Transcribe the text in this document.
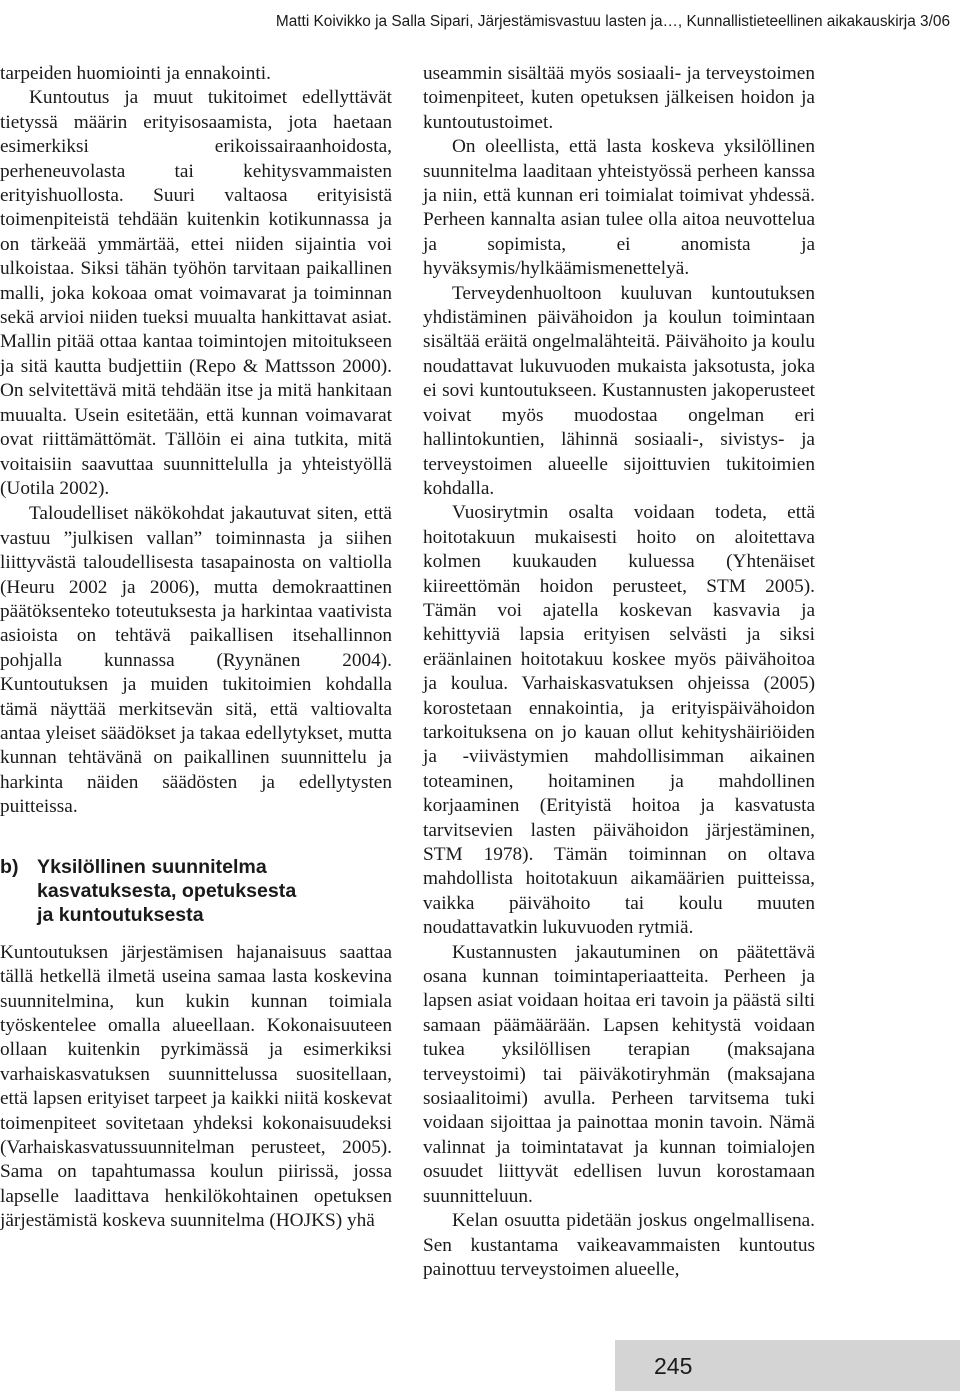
Matti Koivikko ja Salla Sipari, Järjestämisvastuu lasten ja…, Kunnallistieteellinen aikakauskirja 3/06

tarpeiden huomiointi ja ennakointi.

Kuntoutus ja muut tukitoimet edellyttävät tietyssä määrin erityisosaamista, jota haetaan esimerkiksi erikoissairaanhoidosta, perheneuvolasta tai kehitysvammaisten erityishuollosta. Suuri valtaosa erityisistä toimenpiteistä tehdään kuitenkin kotikunnassa ja on tärkeää ymmärtää, ettei niiden sijaintia voi ulkoistaa. Siksi tähän työhön tarvitaan paikallinen malli, joka kokoaa omat voimavarat ja toiminnan sekä arvioi niiden tueksi muualta hankittavat asiat. Mallin pitää ottaa kantaa toimintojen mitoitukseen ja sitä kautta budjettiin (Repo & Mattsson 2000). On selvitettävä mitä tehdään itse ja mitä hankitaan muualta. Usein esitetään, että kunnan voimavarat ovat riittämättömät. Tällöin ei aina tutkita, mitä voitaisiin saavuttaa suunnittelulla ja yhteistyöllä (Uotila 2002).

Taloudelliset näkökohdat jakautuvat siten, että vastuu ”julkisen vallan” toiminnasta ja siihen liittyvästä taloudellisesta tasapainosta on valtiolla (Heuru 2002 ja 2006), mutta demokraattinen päätöksenteko toteutuksesta ja harkintaa vaativista asioista on tehtävä paikallisen itsehallinnon pohjalla kunnassa (Ryynänen 2004). Kuntoutuksen ja muiden tukitoimien kohdalla tämä näyttää merkitsevän sitä, että valtiovalta antaa yleiset säädökset ja takaa edellytykset, mutta kunnan tehtävänä on paikallinen suunnittelu ja harkinta näiden säädösten ja edellytysten puitteissa.

b) Yksilöllinen suunnitelma
kasvatuksesta, opetuksesta
ja kuntoutuksesta

Kuntoutuksen järjestämisen hajanaisuus saattaa tällä hetkellä ilmetä useina samaa lasta koskevina suunnitelmina, kun kukin kunnan toimiala työskentelee omalla alueellaan. Kokonaisuuteen ollaan kuitenkin pyrkimässä ja esimerkiksi varhaiskasvatuksen suunnittelussa suositellaan, että lapsen erityiset tarpeet ja kaikki niitä koskevat toimenpiteet sovitetaan yhdeksi kokonaisuudeksi (Varhaiskasvatussuunnitelman perusteet, 2005). Sama on tapahtumassa koulun piirissä, jossa lapselle laadittava henkilökohtainen opetuksen järjestämistä koskeva suunnitelma (HOJKS) yhä

useammin sisältää myös sosiaali- ja terveystoimen toimenpiteet, kuten opetuksen jälkeisen hoidon ja kuntoutustoimet.

On oleellista, että lasta koskeva yksilöllinen suunnitelma laaditaan yhteistyössä perheen kanssa ja niin, että kunnan eri toimialat toimivat yhdessä. Perheen kannalta asian tulee olla aitoa neuvottelua ja sopimista, ei anomista ja hyväksymis/hylkäämismenettelyä.

Terveydenhuoltoon kuuluvan kuntoutuksen yhdistäminen päivähoidon ja koulun toimintaan sisältää eräitä ongelmalähteitä. Päivähoito ja koulu noudattavat lukuvuoden mukaista jaksotusta, joka ei sovi kuntoutukseen. Kustannusten jakoperusteet voivat myös muodostaa ongelman eri hallintokuntien, lähinnä sosiaali-, sivistys- ja terveystoimen alueelle sijoittuvien tukitoimien kohdalla.

Vuosirytmin osalta voidaan todeta, että hoitotakuun mukaisesti hoito on aloitettava kolmen kuukauden kuluessa (Yhtenäiset kiireettömän hoidon perusteet, STM 2005). Tämän voi ajatella koskevan kasvavia ja kehittyviä lapsia erityisen selvästi ja siksi eräänlainen hoitotakuu koskee myös päivähoitoa ja koulua. Varhaiskasvatuksen ohjeissa (2005) korostetaan ennakointia, ja erityispäivähoidon tarkoituksena on jo kauan ollut kehityshäiriöiden ja -viivästymien mahdollisimman aikainen toteaminen, hoitaminen ja mahdollinen korjaaminen (Erityistä hoitoa ja kasvatusta tarvitsevien lasten päivähoidon järjestäminen, STM 1978). Tämän toiminnan on oltava mahdollista hoitotakuun aikamäärien puitteissa, vaikka päivähoito tai koulu muuten noudattavatkin lukuvuoden rytmiä.

Kustannusten jakautuminen on päätettävä osana kunnan toimintaperiaatteita. Perheen ja lapsen asiat voidaan hoitaa eri tavoin ja päästä silti samaan päämäärään. Lapsen kehitystä voidaan tukea yksilöllisen terapian (maksajana terveystoimi) tai päiväkotiryhmän (maksajana sosiaalitoimi) avulla. Perheen tarvitsema tuki voidaan sijoittaa ja painottaa monin tavoin. Nämä valinnat ja toimintatavat ja kunnan toimialojen osuudet liittyvät edellisen luvun korostamaan suunnitteluun.

Kelan osuutta pidetään joskus ongelmallisena. Sen kustantama vaikeavammaisten kuntoutus painottuu terveystoimen alueelle,

245
